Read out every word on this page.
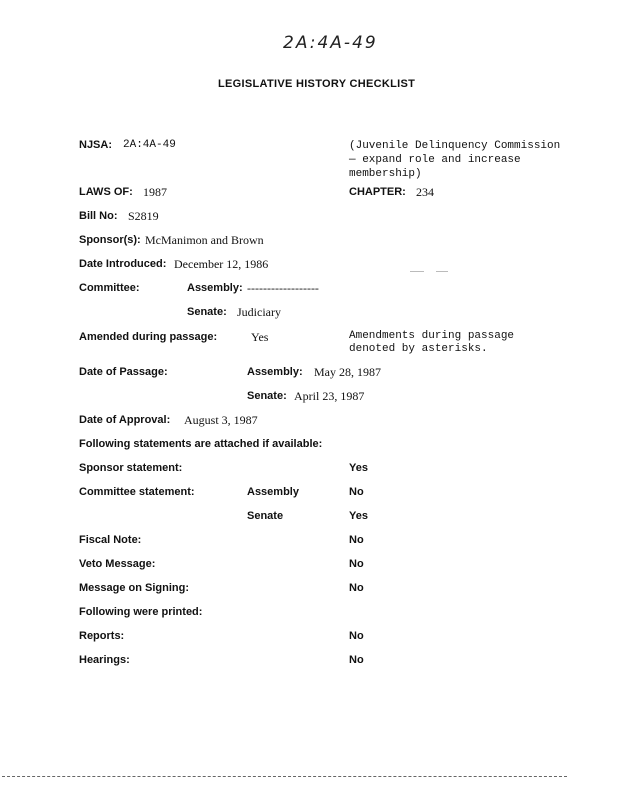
2A:4A-49
LEGISLATIVE HISTORY CHECKLIST
NJSA: 2A:4A-49	(Juvenile Delinquency Commission— expand role and increase membership)
LAWS OF: 1987	CHAPTER: 234
Bill No: S2819
Sponsor(s): McManimon and Brown
Date Introduced: December 12, 1986
Committee:	Assembly: ------------------
Senate: Judiciary
Amended during passage:	Yes	Amendments during passage denoted by asterisks.
Date of Passage:	Assembly: May 28, 1987
Senate: April 23, 1987
Date of Approval: August 3, 1987
Following statements are attached if available:
Sponsor statement:	Yes
Committee statement:	Assembly	No
Senate	Yes
Fiscal Note:	No
Veto Message:	No
Message on Signing:	No
Following were printed:
Reports:	No
Hearings:	No
